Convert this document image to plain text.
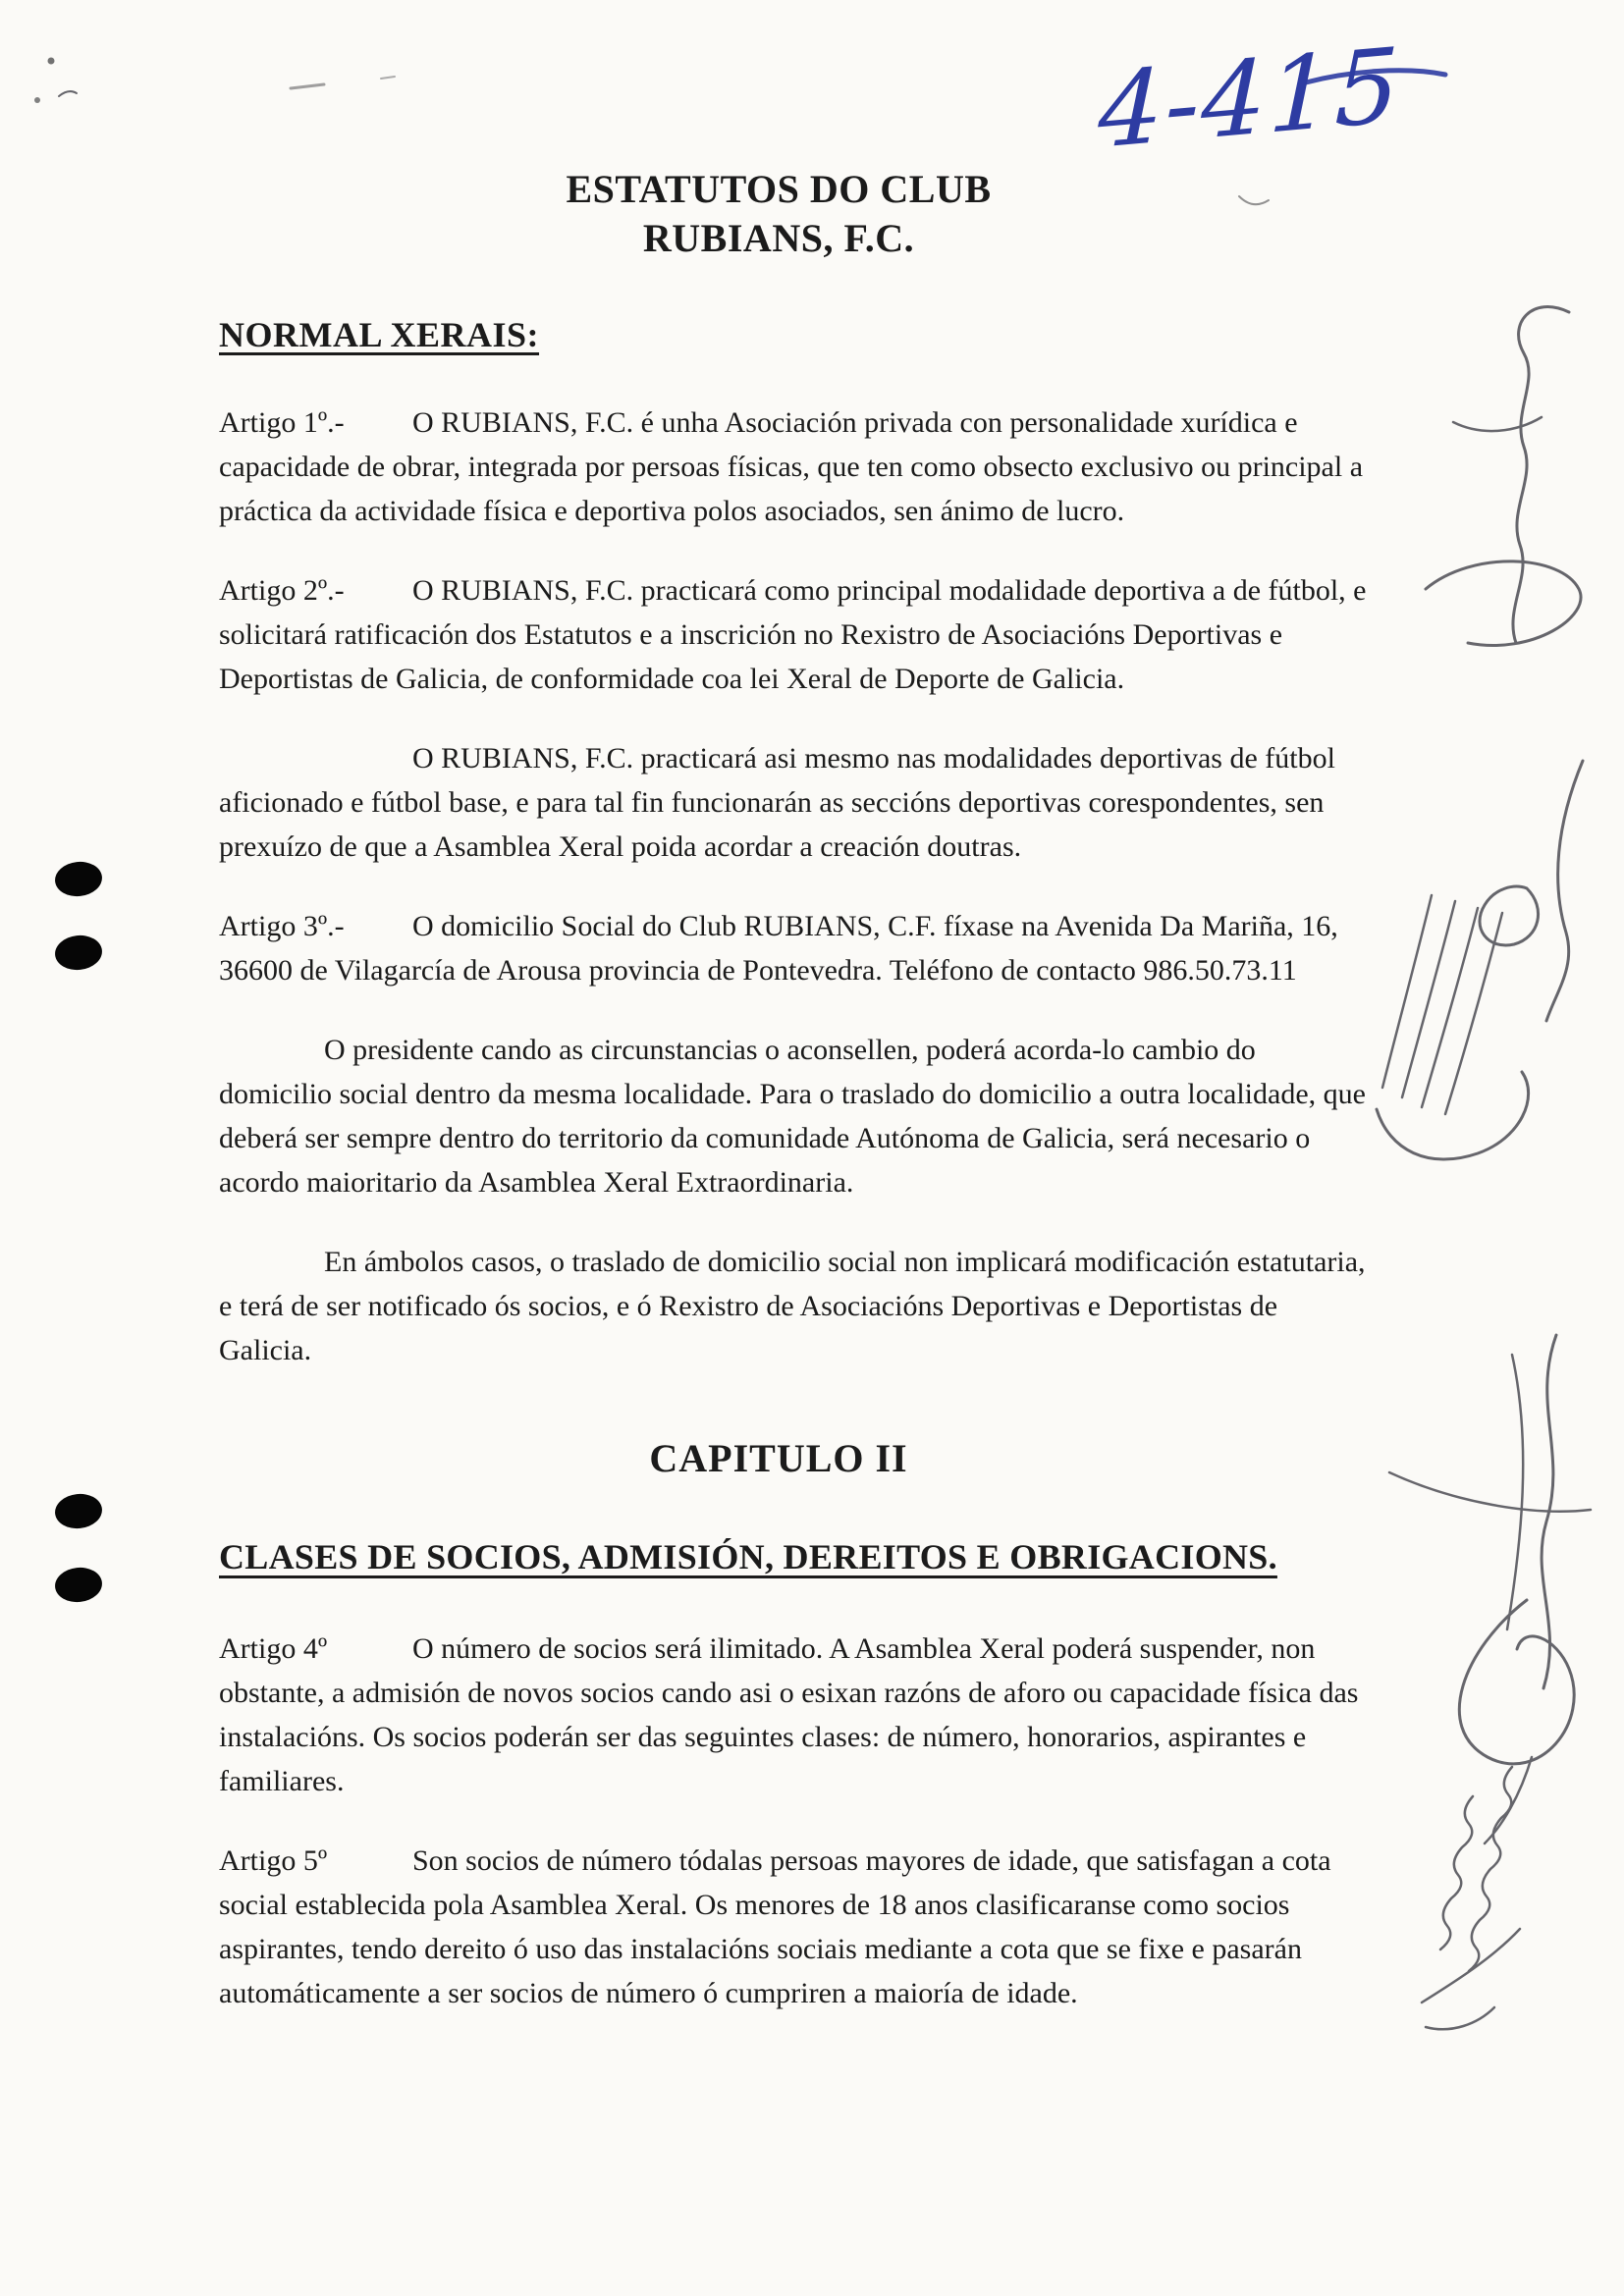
4-415
ESTATUTOS DO CLUB
RUBIANS, F.C.
NORMAL XERAIS:

Artigo 1º.- O RUBIANS, F.C. é unha Asociación privada con personalidade xurídica e capacidade de obrar, integrada por persoas físicas, que ten como obsecto exclusivo ou principal a práctica da actividade física e deportiva polos asociados, sen ánimo de lucro.

Artigo 2º.- O RUBIANS, F.C. practicará como principal modalidade deportiva a de fútbol, e solicitará ratificación dos Estatutos e a inscrición no Rexistro de Asociacións Deportivas e Deportistas de Galicia, de conformidade coa lei Xeral de Deporte de Galicia.

O RUBIANS, F.C. practicará asi mesmo nas modalidades deportivas de fútbol aficionado e fútbol base, e para tal fin funcionarán as seccións deportivas corespondentes, sen prexuízo de que a Asamblea Xeral poida acordar a creación doutras.

Artigo 3º.- O domicilio Social do Club RUBIANS, C.F. fíxase na Avenida Da Mariña, 16, 36600 de Vilagarcía de Arousa provincia de Pontevedra. Teléfono de contacto 986.50.73.11

O presidente cando as circunstancias o aconsellen, poderá acorda-lo cambio do domicilio social dentro da mesma localidade. Para o traslado do domicilio a outra localidade, que deberá ser sempre dentro do territorio da comunidade Autónoma de Galicia, será necesario o acordo maioritario da Asamblea Xeral Extraordinaria.

En ámbolos casos, o traslado de domicilio social non implicará modificación estatutaria, e terá de ser notificado ós socios, e ó Rexistro de Asociacións Deportivas e Deportistas de Galicia.

CAPITULO II
CLASES DE SOCIOS, ADMISIÓN, DEREITOS E OBRIGACIONS.

Artigo 4º	O número de socios será ilimitado. A Asamblea Xeral poderá suspender, non obstante, a admisión de novos socios cando asi o esixan razóns de aforo ou capacidade física das instalacións. Os socios poderán ser das seguintes clases: de número, honorarios, aspirantes e familiares.

Artigo 5º	Son socios de número tódalas persoas mayores de idade, que satisfagan a cota social establecida pola Asamblea Xeral. Os menores de 18 anos clasificaranse como socios aspirantes, tendo dereito ó uso das instalacións sociais mediante a cota que se fixe e pasarán automáticamente a ser socios de número ó cumpriren a maioría de idade.
